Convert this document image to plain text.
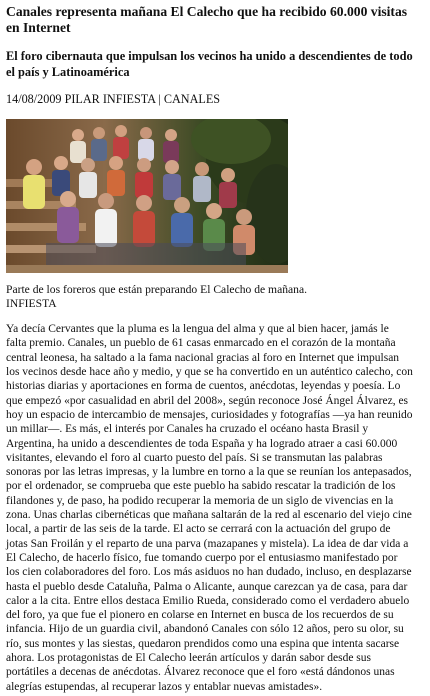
Canales representa mañana El Calecho que ha recibido 60.000 visitas en Internet
El foro cibernauta que impulsan los vecinos ha unido a descendientes de todo el país y Latinoamérica
14/08/2009 PILAR INFIESTA | CANALES
Parte de los foreros que están preparando El Calecho de mañana.
INFIESTA
Ya decía Cervantes que la pluma es la lengua del alma y que al bien hacer, jamás le
falta premio. Canales, un pueblo de 61 casas enmarcado en el corazón de la montaña
central leonesa, ha saltado a la fama nacional gracias al foro en Internet que impulsan
los vecinos desde hace año y medio, y que se ha convertido en un auténtico calecho, con
historias diarias y aportaciones en forma de cuentos, anécdotas, leyendas y poesía. Lo
que empezó «por casualidad en abril del 2008», según reconoce José Ángel Álvarez, es
hoy un espacio de intercambio de mensajes, curiosidades y fotografías —ya han reunido
un millar—. Es más, el interés por Canales ha cruzado el océano hasta Brasil y
Argentina, ha unido a descendientes de toda España y ha logrado atraer a casi 60.000
visitantes, elevando el foro al cuarto puesto del país. Si se transmutan las palabras
sonoras por las letras impresas, y la lumbre en torno a la que se reunían los antepasados,
por el ordenador, se comprueba que este pueblo ha sabido rescatar la tradición de los
filandones y, de paso, ha podido recuperar la memoria de un siglo de vivencias en la
zona. Unas charlas cibernéticas que mañana saltarán de la red al escenario del viejo cine
local, a partir de las seis de la tarde. El acto se cerrará con la actuación del grupo de
jotas San Froilán y el reparto de una parva (mazapanes y mistela). La idea de dar vida a
El Calecho, de hacerlo físico, fue tomando cuerpo por el entusiasmo manifestado por
los cien colaboradores del foro. Los más asiduos no han dudado, incluso, en desplazarse
hasta el pueblo desde Cataluña, Palma o Alicante, aunque carezcan ya de casa, para dar
calor a la cita. Entre ellos destaca Emilio Rueda, considerado como el verdadero abuelo
del foro, ya que fue el pionero en colarse en Internet en busca de los recuerdos de su
infancia. Hijo de un guardia civil, abandonó Canales con sólo 12 años, pero su olor, su
río, sus montes y las siestas, quedaron prendidos como una espina que intenta sacarse
ahora. Los protagonistas de El Calecho leerán artículos y darán sabor desde sus
portátiles a decenas de anécdotas. Álvarez reconoce que el foro «está dándonos unas
alegrías estupendas, al recuperar lazos y entablar nuevas amistades».
